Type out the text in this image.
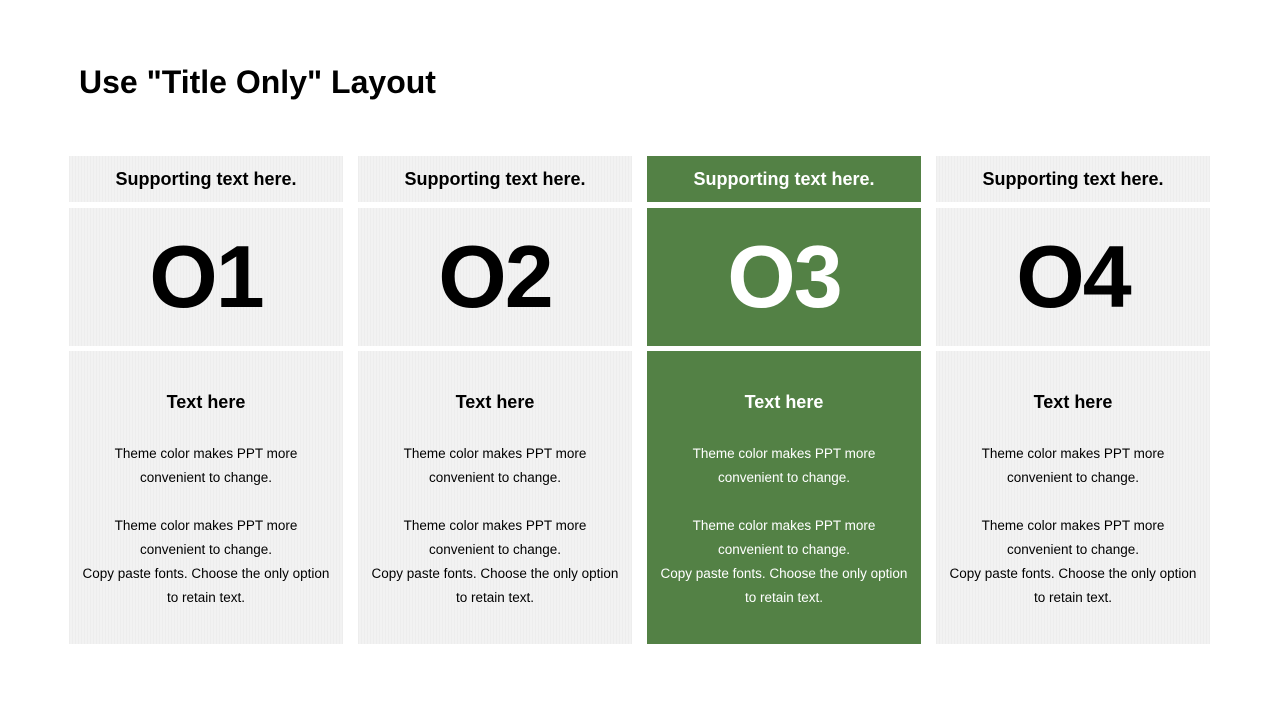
Use "Title Only" Layout
Supporting text here.
O1

Text here

Theme color makes PPT more
convenient to change.

Theme color makes PPT more
convenient to change.
Copy paste fonts. Choose the only option
to retain text.

Supporting text here.
O2

Text here

Theme color makes PPT more
convenient to change.

Theme color makes PPT more
convenient to change.
Copy paste fonts. Choose the only option
to retain text.

Supporting text here.
O3

Text here

Theme color makes PPT more
convenient to change.

Theme color makes PPT more
convenient to change.
Copy paste fonts. Choose the only option
to retain text.

Supporting text here.
O4

Text here

Theme color makes PPT more
convenient to change.

Theme color makes PPT more
convenient to change.
Copy paste fonts. Choose the only option
to retain text.
